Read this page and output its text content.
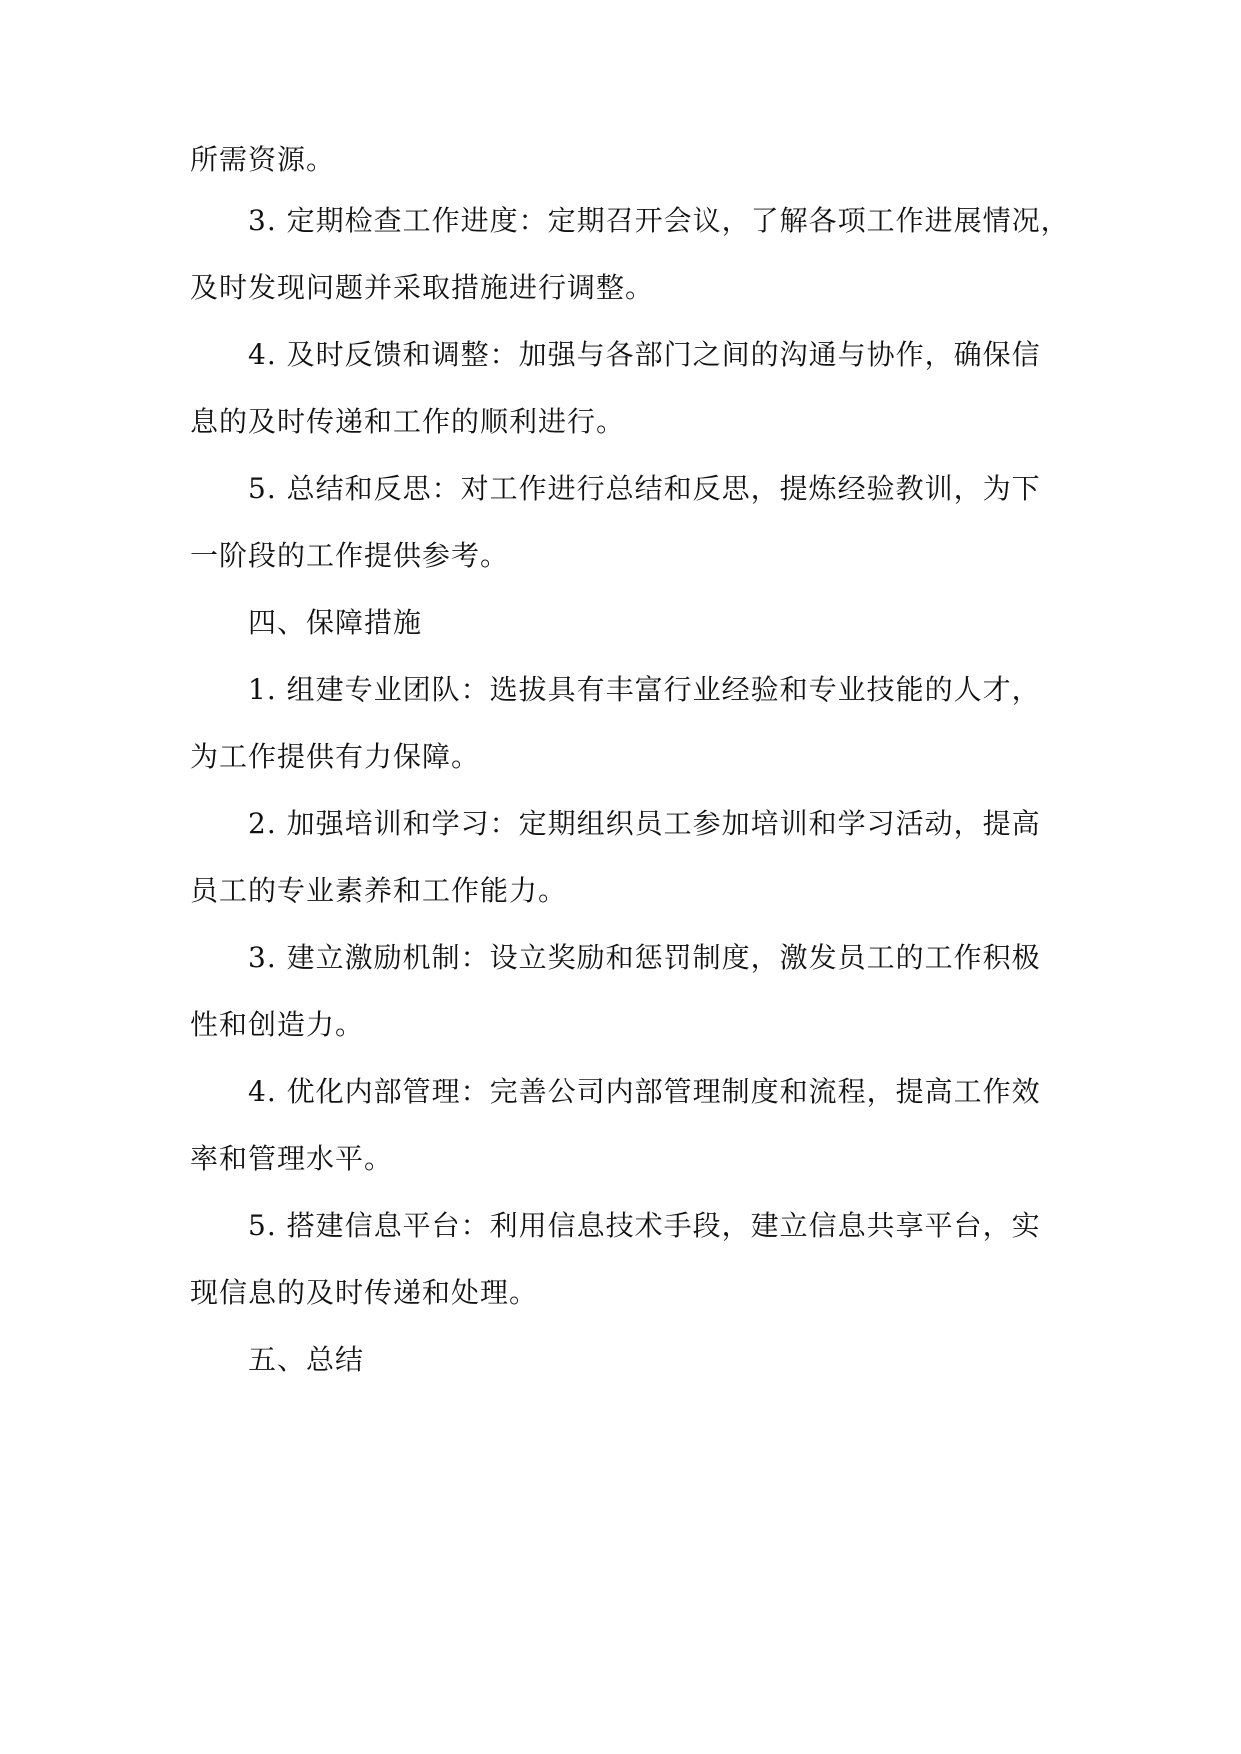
所需资源。
3. 定期检查工作进度：定期召开会议，了解各项工作进展情况，
及时发现问题并采取措施进行调整。
4. 及时反馈和调整：加强与各部门之间的沟通与协作，确保信
息的及时传递和工作的顺利进行。
5. 总结和反思：对工作进行总结和反思，提炼经验教训，为下
一阶段的工作提供参考。
四、保障措施
1. 组建专业团队：选拔具有丰富行业经验和专业技能的人才，
为工作提供有力保障。
2. 加强培训和学习：定期组织员工参加培训和学习活动，提高
员工的专业素养和工作能力。
3. 建立激励机制：设立奖励和惩罚制度，激发员工的工作积极
性和创造力。
4. 优化内部管理：完善公司内部管理制度和流程，提高工作效
率和管理水平。
5. 搭建信息平台：利用信息技术手段，建立信息共享平台，实
现信息的及时传递和处理。
五、总结
